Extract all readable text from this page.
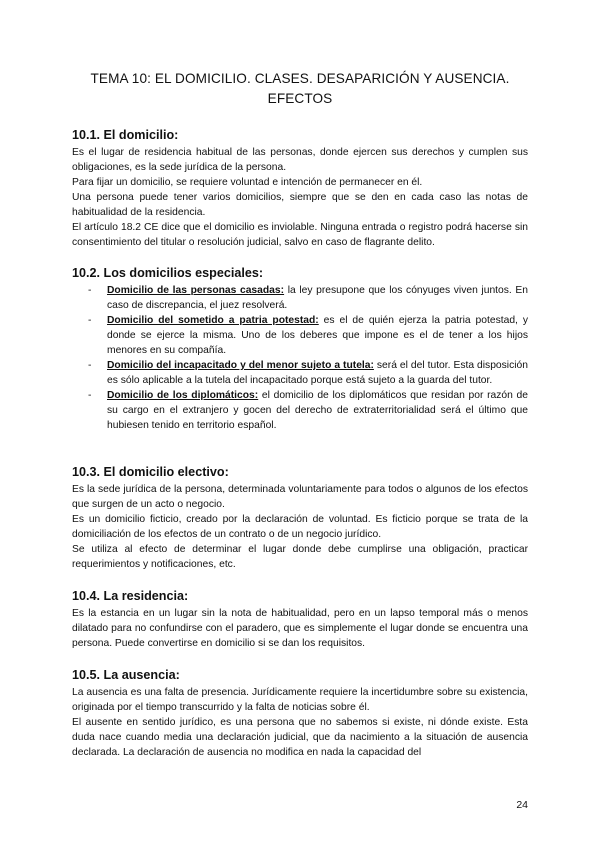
TEMA 10: EL DOMICILIO. CLASES. DESAPARICIÓN Y AUSENCIA.
EFECTOS
10.1. El domicilio:

Es el lugar de residencia habitual de las personas, donde ejercen sus derechos y cumplen sus obligaciones, es la sede jurídica de la persona.

Para fijar un domicilio, se requiere voluntad e intención de permanecer en él.

Una persona puede tener varios domicilios, siempre que se den en cada caso las notas de habitualidad de la residencia.

El artículo 18.2 CE dice que el domicilio es inviolable. Ninguna entrada o registro podrá hacerse sin consentimiento del titular o resolución judicial, salvo en caso de flagrante delito.

10.2. Los domicilios especiales:
- Domicilio de las personas casadas: la ley presupone que los cónyuges viven juntos. En caso de discrepancia, el juez resolverá.
- Domicilio del sometido a patria potestad: es el de quién ejerza la patria potestad, y donde se ejerce la misma. Uno de los deberes que impone es el de tener a los hijos menores en su compañía.
- Domicilio del incapacitado y del menor sujeto a tutela: será el del tutor. Esta disposición es sólo aplicable a la tutela del incapacitado porque está sujeto a la guarda del tutor.
- Domicilio de los diplomáticos: el domicilio de los diplomáticos que residan por razón de su cargo en el extranjero y gocen del derecho de extraterritorialidad será el último que hubiesen tenido en territorio español.
10.3. El domicilio electivo:

Es la sede jurídica de la persona, determinada voluntariamente para todos o algunos de los efectos que surgen de un acto o negocio.

Es un domicilio ficticio, creado por la declaración de voluntad. Es ficticio porque se trata de la domiciliación de los efectos de un contrato o de un negocio jurídico.

Se utiliza al efecto de determinar el lugar donde debe cumplirse una obligación, practicar requerimientos y notificaciones, etc.

10.4. La residencia:

Es la estancia en un lugar sin la nota de habitualidad, pero en un lapso temporal más o menos dilatado para no confundirse con el paradero, que es simplemente el lugar donde se encuentra una persona. Puede convertirse en domicilio si se dan los requisitos.

10.5. La ausencia:

La ausencia es una falta de presencia. Jurídicamente requiere la incertidumbre sobre su existencia, originada por el tiempo transcurrido y la falta de noticias sobre él.

El ausente en sentido jurídico, es una persona que no sabemos si existe, ni dónde existe. Esta duda nace cuando media una declaración judicial, que da nacimiento a la situación de ausencia declarada. La declaración de ausencia no modifica en nada la capacidad del

24
